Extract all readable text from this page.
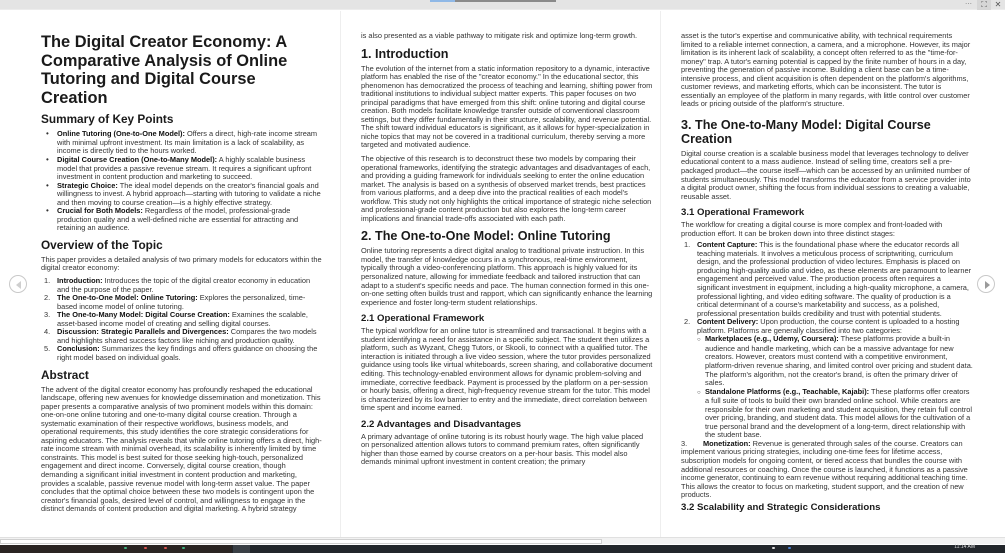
⋯	⛶ ✕
The Digital Creator Economy: A Comparative Analysis of Online Tutoring and Digital Course Creation
Summary of Key Points
• Online Tutoring (One-to-One Model): Offers a direct, high-rate income stream with minimal upfront investment. Its main limitation is a lack of scalability, as income is directly tied to the hours worked.
• Digital Course Creation (One-to-Many Model): A highly scalable business model that provides a passive revenue stream. It requires a significant upfront investment in content production and marketing to succeed.
• Strategic Choice: The ideal model depends on the creator's financial goals and willingness to invest. A hybrid approach—starting with tutoring to validate a niche and then moving to course creation—is a highly effective strategy.
• Crucial for Both Models: Regardless of the model, professional-grade production quality and a well-defined niche are essential for attracting and retaining an audience.
Overview of the Topic

This paper provides a detailed analysis of two primary models for educators within the digital creator economy:

1. Introduction: Introduces the topic of the digital creator economy in education and the purpose of the paper.
2. The One-to-One Model: Online Tutoring: Explores the personalized, time-based income model of online tutoring.
3. The One-to-Many Model: Digital Course Creation: Examines the scalable, asset-based income model of creating and selling digital courses.
4. Discussion: Strategic Parallels and Divergences: Compares the two models and highlights shared success factors like niching and production quality.
5. Conclusion: Summarizes the key findings and offers guidance on choosing the right model based on individual goals.
Abstract

The advent of the digital creator economy has profoundly reshaped the educational landscape, offering new avenues for knowledge dissemination and monetization. This paper presents a comparative analysis of two prominent models within this domain: one-on-one online tutoring and one-to-many digital course creation. Through a systematic examination of their respective workflows, business models, and operational requirements, this study identifies the core strategic considerations for aspiring educators. The analysis reveals that while online tutoring offers a direct, high-rate income stream with minimal overhead, its scalability is inherently limited by time constraints. This model is best suited for those seeking high-touch, personalized engagement and direct income. Conversely, digital course creation, though demanding a significant initial investment in content production and marketing, provides a scalable, passive revenue model with long-term asset value. The paper concludes that the optimal choice between these two models is contingent upon the creator's financial goals, desired level of control, and willingness to engage in the distinct demands of content production and digital marketing. A hybrid strategy

is also presented as a viable pathway to mitigate risk and optimize long-term growth.

1. Introduction

The evolution of the internet from a static information repository to a dynamic, interactive platform has enabled the rise of the "creator economy." In the educational sector, this phenomenon has democratized the process of teaching and learning, shifting power from traditional institutions to individual subject matter experts. This paper focuses on two principal paradigms that have emerged from this shift: online tutoring and digital course creation. Both models facilitate knowledge transfer outside of conventional classroom settings, but they differ fundamentally in their structure, scalability, and revenue potential. The shift toward individual educators is significant, as it allows for hyper-specialization in niche topics that may not be covered in a traditional curriculum, thereby serving a more targeted and motivated audience.

The objective of this research is to deconstruct these two models by comparing their operational frameworks, identifying the strategic advantages and disadvantages of each, and providing a guiding framework for individuals seeking to enter the online education market. The analysis is based on a synthesis of observed market trends, best practices from various platforms, and a deep dive into the practical realities of each model's workflow. This study not only highlights the critical importance of strategic niche selection and professional-grade content production but also explores the long-term career implications and financial trade-offs associated with each path.

2. The One-to-One Model: Online Tutoring

Online tutoring represents a direct digital analog to traditional private instruction. In this model, the transfer of knowledge occurs in a synchronous, real-time environment, typically through a video-conferencing platform. This approach is highly valued for its personalized nature, allowing for immediate feedback and tailored instruction that can adapt to a student's specific needs and pace. The human connection formed in this one-on-one setting often builds trust and rapport, which can significantly enhance the learning experience and foster long-term student relationships.

2.1 Operational Framework

The typical workflow for an online tutor is streamlined and transactional. It begins with a student identifying a need for assistance in a specific subject. The student then utilizes a platform, such as Wyzant, Chegg Tutors, or Skooli, to connect with a qualified tutor. The interaction is initiated through a live video session, where the tutor provides personalized guidance using tools like virtual whiteboards, screen sharing, and collaborative document editing. This technology-enabled environment allows for dynamic problem-solving and immediate, corrective feedback. Payment is processed by the platform on a per-session or hourly basis, offering a direct, high-frequency revenue stream for the tutor. This model is characterized by its low barrier to entry and the immediate, direct correlation between time spent and income earned.

2.2 Advantages and Disadvantages

A primary advantage of online tutoring is its robust hourly wage. The high value placed on personalized attention allows tutors to command premium rates, often significantly higher than those earned by course creators on a per-hour basis. This model also demands minimal upfront investment in content creation; the primary

asset is the tutor's expertise and communicative ability, with technical requirements limited to a reliable internet connection, a camera, and a microphone. However, its major limitation is its inherent lack of scalability, a concept often referred to as the "time-for-money" trap. A tutor's earning potential is capped by the finite number of hours in a day, preventing the generation of passive income. Building a client base can be a time-intensive process, and client acquisition is often dependent on the platform's algorithms, customer reviews, and marketing efforts, which can be inconsistent. The tutor is essentially an employee of the platform in many regards, with little control over customer leads or pricing outside of the platform's structure.

3. The One-to-Many Model: Digital Course Creation

Digital course creation is a scalable business model that leverages technology to deliver educational content to a mass audience. Instead of selling time, creators sell a pre-packaged product—the course itself—which can be accessed by an unlimited number of students simultaneously. This model transforms the educator from a service provider into a digital product owner, shifting the focus from individual sessions to creating a valuable, reusable asset.

3.1 Operational Framework

The workflow for creating a digital course is more complex and front-loaded with production effort. It can be broken down into three distinct stages:

1. Content Capture: This is the foundational phase where the educator records all teaching materials. It involves a meticulous process of scriptwriting, curriculum design, and the professional production of video lectures. Emphasis is placed on producing high-quality audio and video, as these elements are paramount to learner engagement and perceived value. The production process often requires a significant investment in equipment, including a high-quality microphone, a camera, professional lighting, and video editing software. The quality of production is a critical determinant of a course's marketability and success, as a polished, professional presentation builds credibility and trust with potential students.
2. Content Delivery: Upon production, the course content is uploaded to a hosting platform. Platforms are generally classified into two categories:
○ Marketplaces (e.g., Udemy, Coursera): These platforms provide a built-in audience and handle marketing, which can be a massive advantage for new creators. However, creators must contend with a competitive environment, platform-driven revenue sharing, and limited control over pricing and student data. The platform's algorithm, not the creator's brand, is often the primary driver of sales.
○ Standalone Platforms (e.g., Teachable, Kajabi): These platforms offer creators a full suite of tools to build their own branded online school. While creators are responsible for their own marketing and student acquisition, they retain full control over pricing, branding, and student data. This model allows for the cultivation of a true personal brand and the development of a long-term, direct relationship with the student base.

3. Monetization: Revenue is generated through sales of the course. Creators can implement various pricing strategies, including one-time fees for lifetime access, subscription models for ongoing content, or tiered access that bundles the course with additional resources or coaching. Once the course is launched, it functions as a passive income generator, continuing to earn revenue without requiring additional teaching time. This allows the creator to focus on marketing, student support, and the creation of new products.

3.2 Scalability and Strategic Considerations
11:14 AM
